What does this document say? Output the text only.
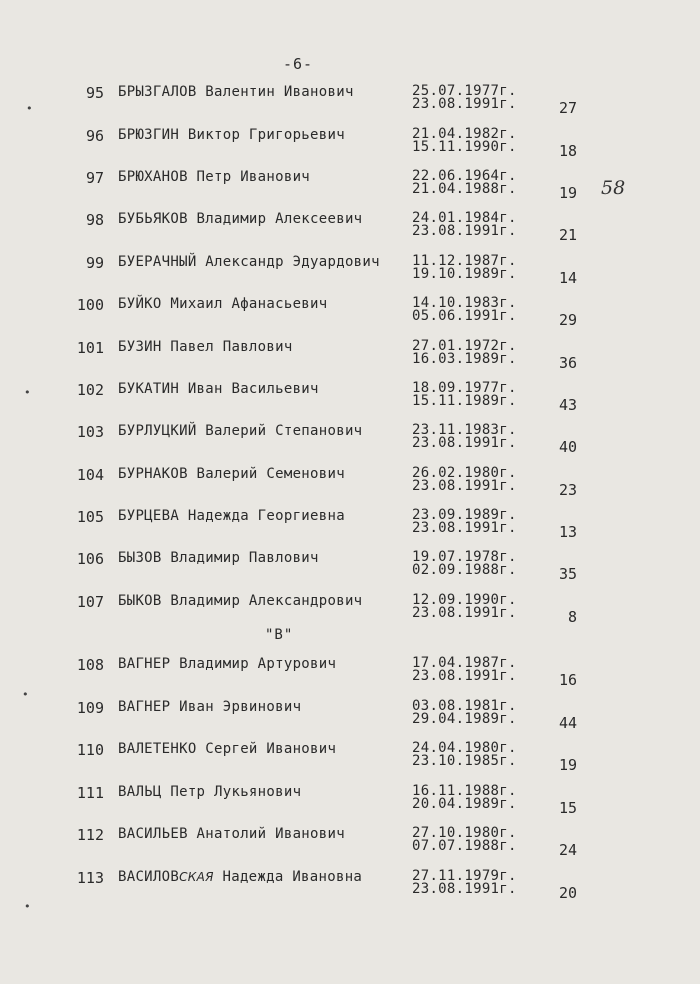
-6-
58
•
•
•
•
95 БРЫЗГАЛОВ Валентин Иванович	25.07.1977г.
23.08.1991г.	27
96 БРЮЗГИН Виктор Григорьевич	21.04.1982г.
15.11.1990г.	18
97 БРЮХАНОВ Петр Иванович	22.06.1964г.
21.04.1988г.	19
98 БУБЬЯКОВ Владимир Алексеевич	24.01.1984г.
23.08.1991г.	21
99 БУЕРАЧНЫЙ Александр Эдуардович 11.12.1987г.
19.10.1989г.	14
100 БУЙКО Михаил Афанасьевич	14.10.1983г.
05.06.1991г.	29
101 БУЗИН Павел Павлович	27.01.1972г.
16.03.1989г.	36
102 БУКАТИН Иван Васильевич	18.09.1977г.
15.11.1989г.	43
103 БУРЛУЦКИЙ Валерий Степанович	23.11.1983г.
23.08.1991г.	40
104 БУРНАКОВ Валерий Семенович	26.02.1980г.
23.08.1991г.	23
105 БУРЦЕВА Надежда Георгиевна	23.09.1989г.
23.08.1991г.	13
106 БЫЗОВ Владимир Павлович	19.07.1978г.
02.09.1988г.	35
107 БЫКОВ Владимир Александрович	12.09.1990г.
23.08.1991г.	8
"В"
108 ВАГНЕР Владимир Артурович	17.04.1987г.
23.08.1991г.	16
109 ВАГНЕР Иван Эрвинович	03.08.1981г.
29.04.1989г.	44
110 ВАЛЕТЕНКО Сергей Иванович	24.04.1980г.
23.10.1985г.	19
111 ВАЛЬЦ Петр Лукьянович	16.11.1988г.
20.04.1989г.	15
112 ВАСИЛЬЕВ Анатолий Иванович	27.10.1980г.
07.07.1988г.	24
113 ВАСИЛОВСКАЯ Надежда Ивановна	27.11.1979г.
23.08.1991г.	20
